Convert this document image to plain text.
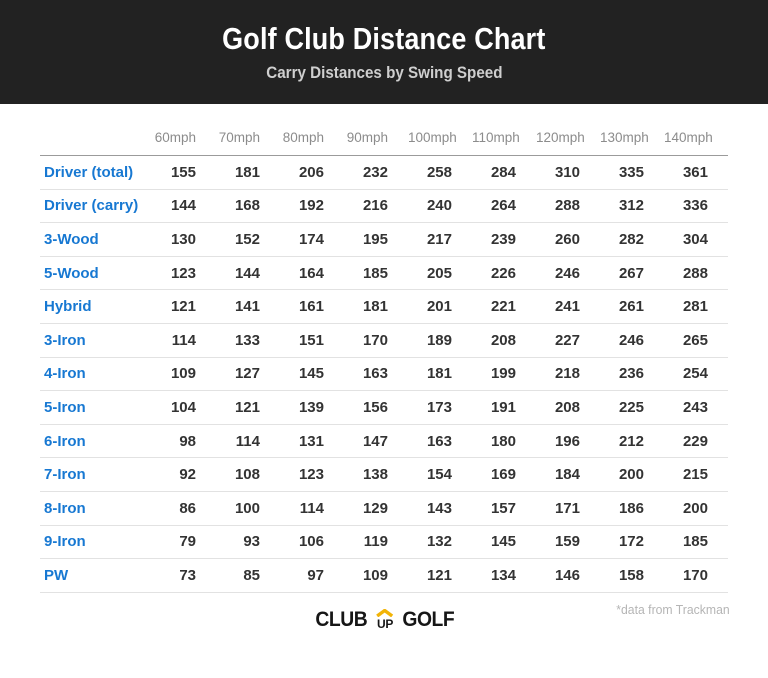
Golf Club Distance Chart
Carry Distances by Swing Speed
	60mph	70mph	80mph	90mph	100mph	110mph	120mph	130mph	140mph
Driver (total)	155	181	206	232	258	284	310	335	361
Driver (carry)	144	168	192	216	240	264	288	312	336
3-Wood	130	152	174	195	217	239	260	282	304
5-Wood	123	144	164	185	205	226	246	267	288
Hybrid	121	141	161	181	201	221	241	261	281
3-Iron	114	133	151	170	189	208	227	246	265
4-Iron	109	127	145	163	181	199	218	236	254
5-Iron	104	121	139	156	173	191	208	225	243
6-Iron	98	114	131	147	163	180	196	212	229
7-Iron	92	108	123	138	154	169	184	200	215
8-Iron	86	100	114	129	143	157	171	186	200
9-Iron	79	93	106	119	132	145	159	172	185
PW	73	85	97	109	121	134	146	158	170
*data from Trackman
CLUB UP GOLF
